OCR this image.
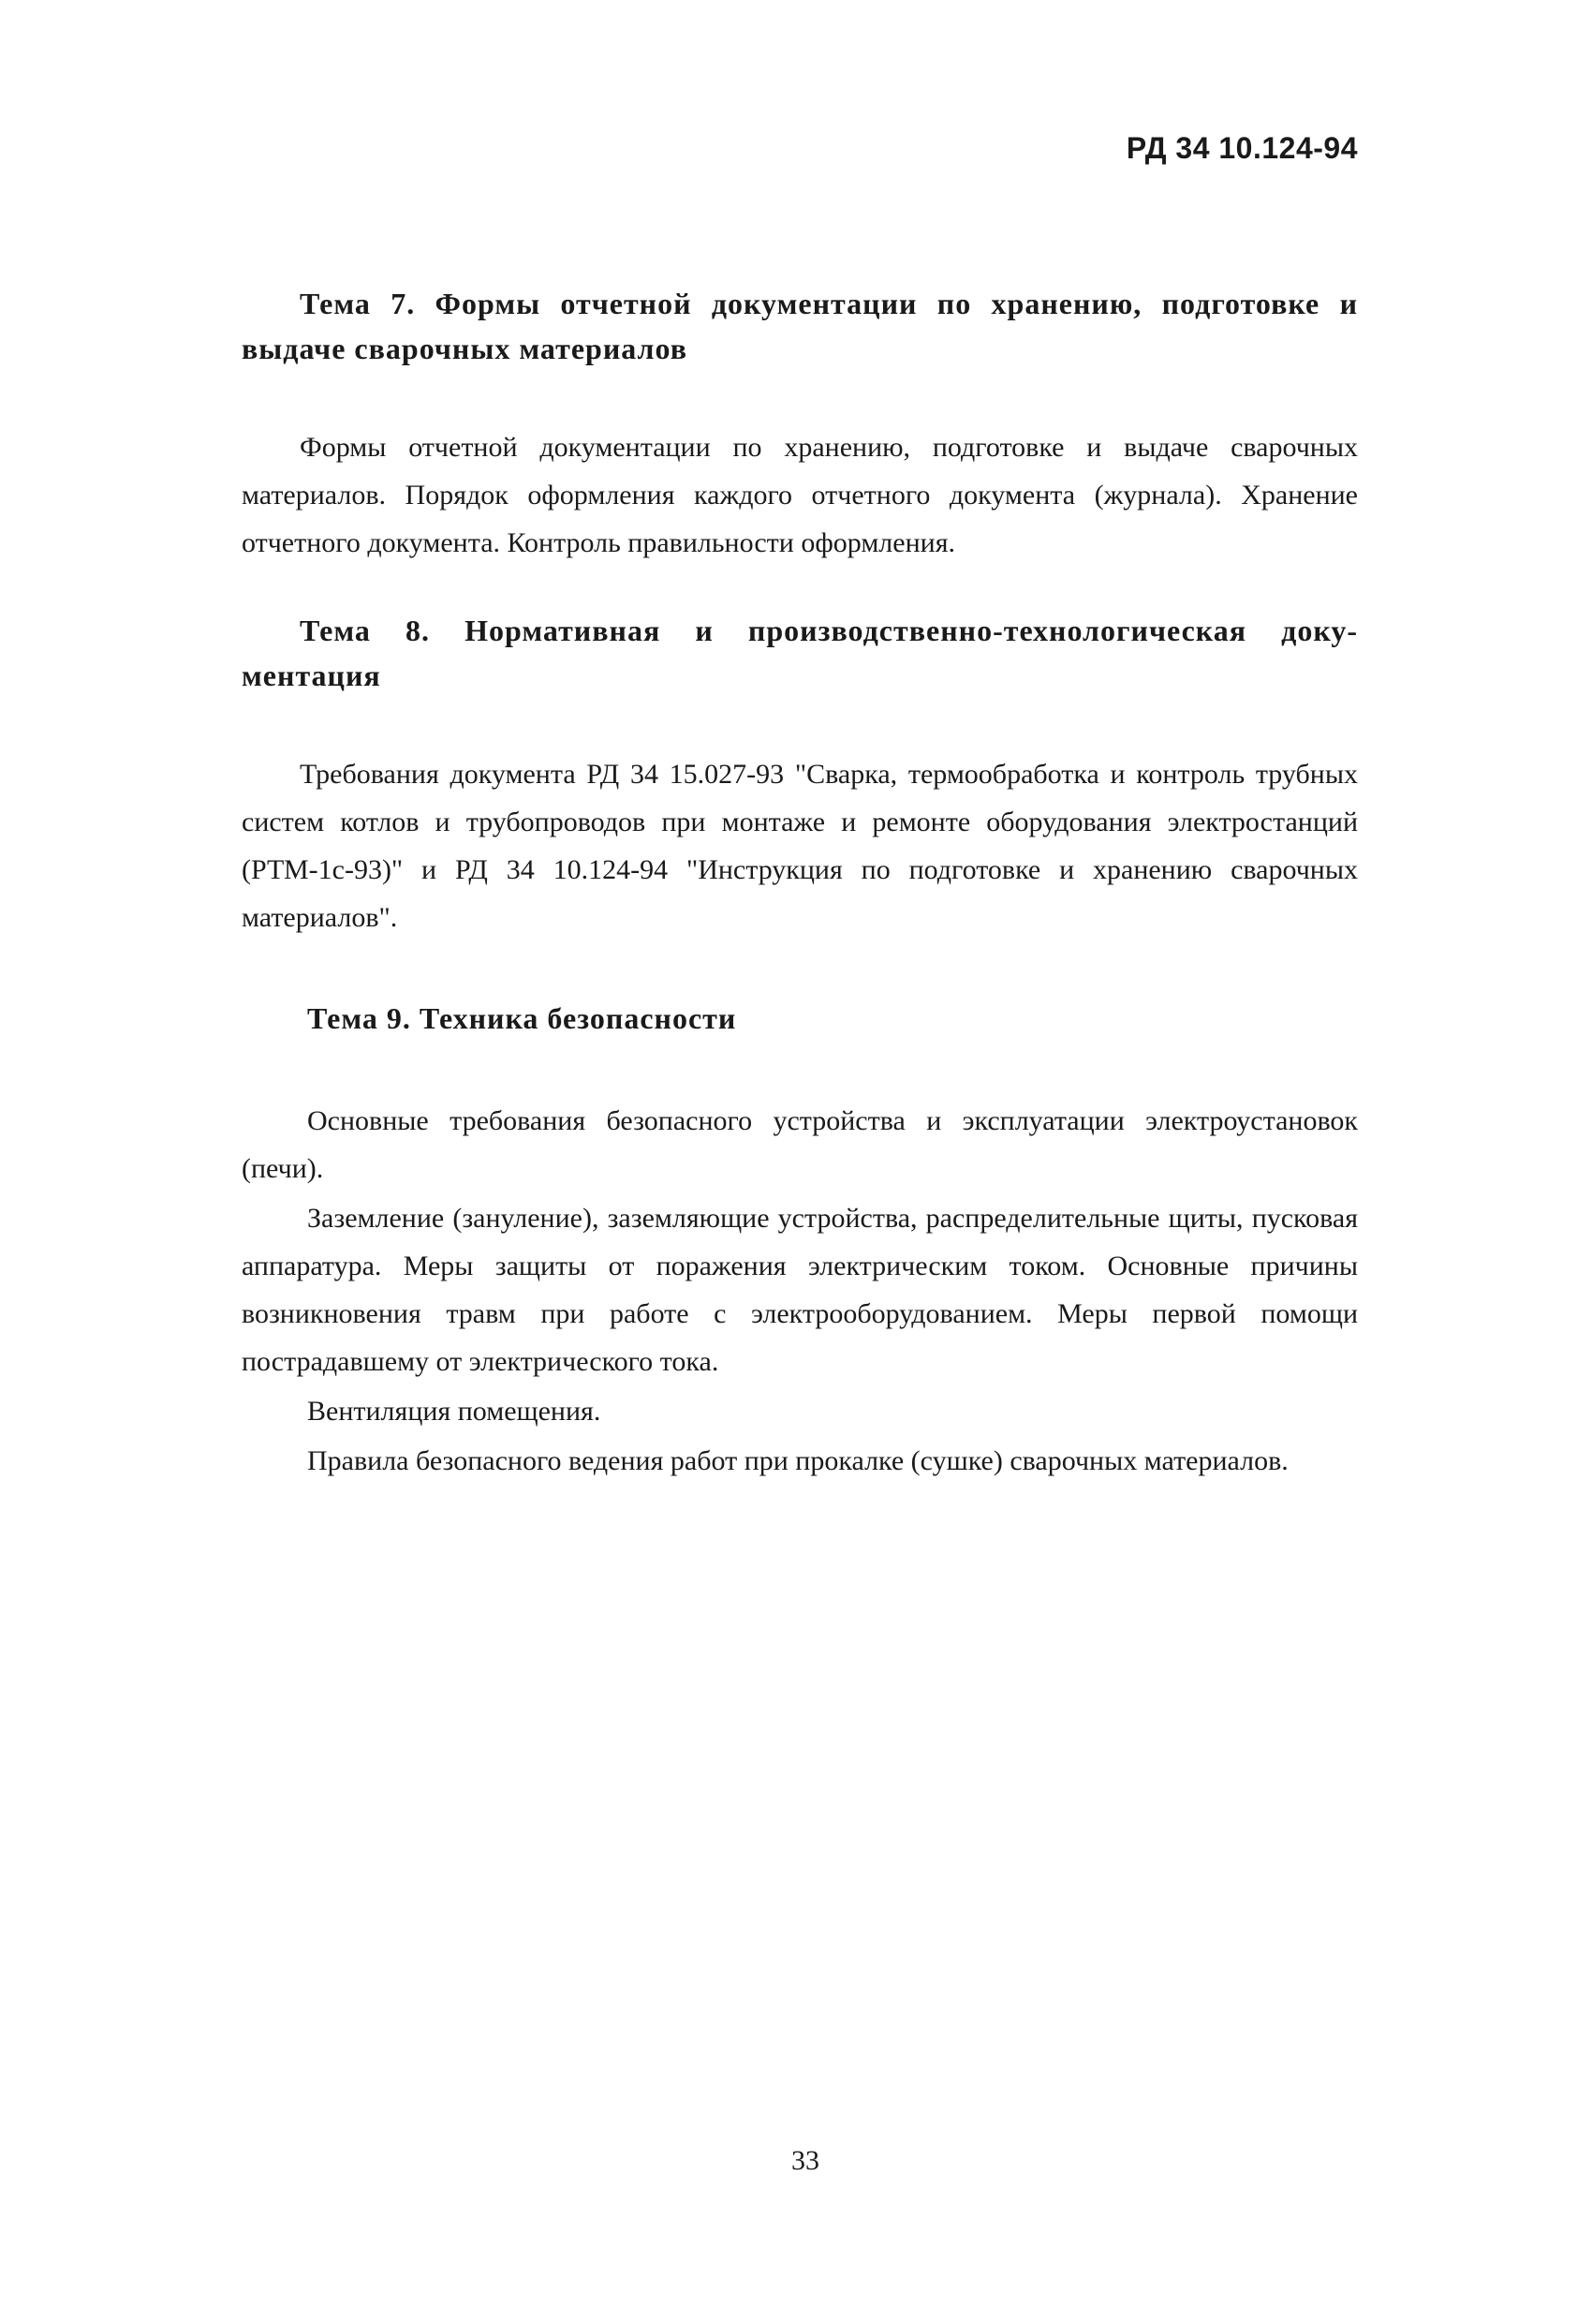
РД 34 10.124-94

Тема 7. Формы отчетной документации по хранению, подготовке и выдаче сварочных материалов

Формы отчетной документации по хранению, подготовке и выдаче сварочных материалов. Порядок оформления каждого отчетного документа (журнала). Хранение отчетного документа. Контроль правильности оформления.

Тема 8. Нормативная и производственно-технологическая доку-ментация

Требования документа РД 34 15.027-93 "Сварка, термообработка и контроль трубных систем котлов и трубопроводов при монтаже и ремонте оборудования электростанций (РТМ-1с-93)" и РД 34 10.124-94 "Инструкция по подготовке и хранению сварочных материалов".

Тема 9. Техника безопасности

Основные требования безопасного устройства и эксплуатации электроустановок (печи).

Заземление (зануление), заземляющие устройства, распределительные щиты, пусковая аппаратура. Меры защиты от поражения электрическим током. Основные причины возникновения травм при работе с электрооборудованием. Меры первой помощи пострадавшему от электрического тока.

Вентиляция помещения.

Правила безопасного ведения работ при прокалке (сушке) сварочных материалов.

33
